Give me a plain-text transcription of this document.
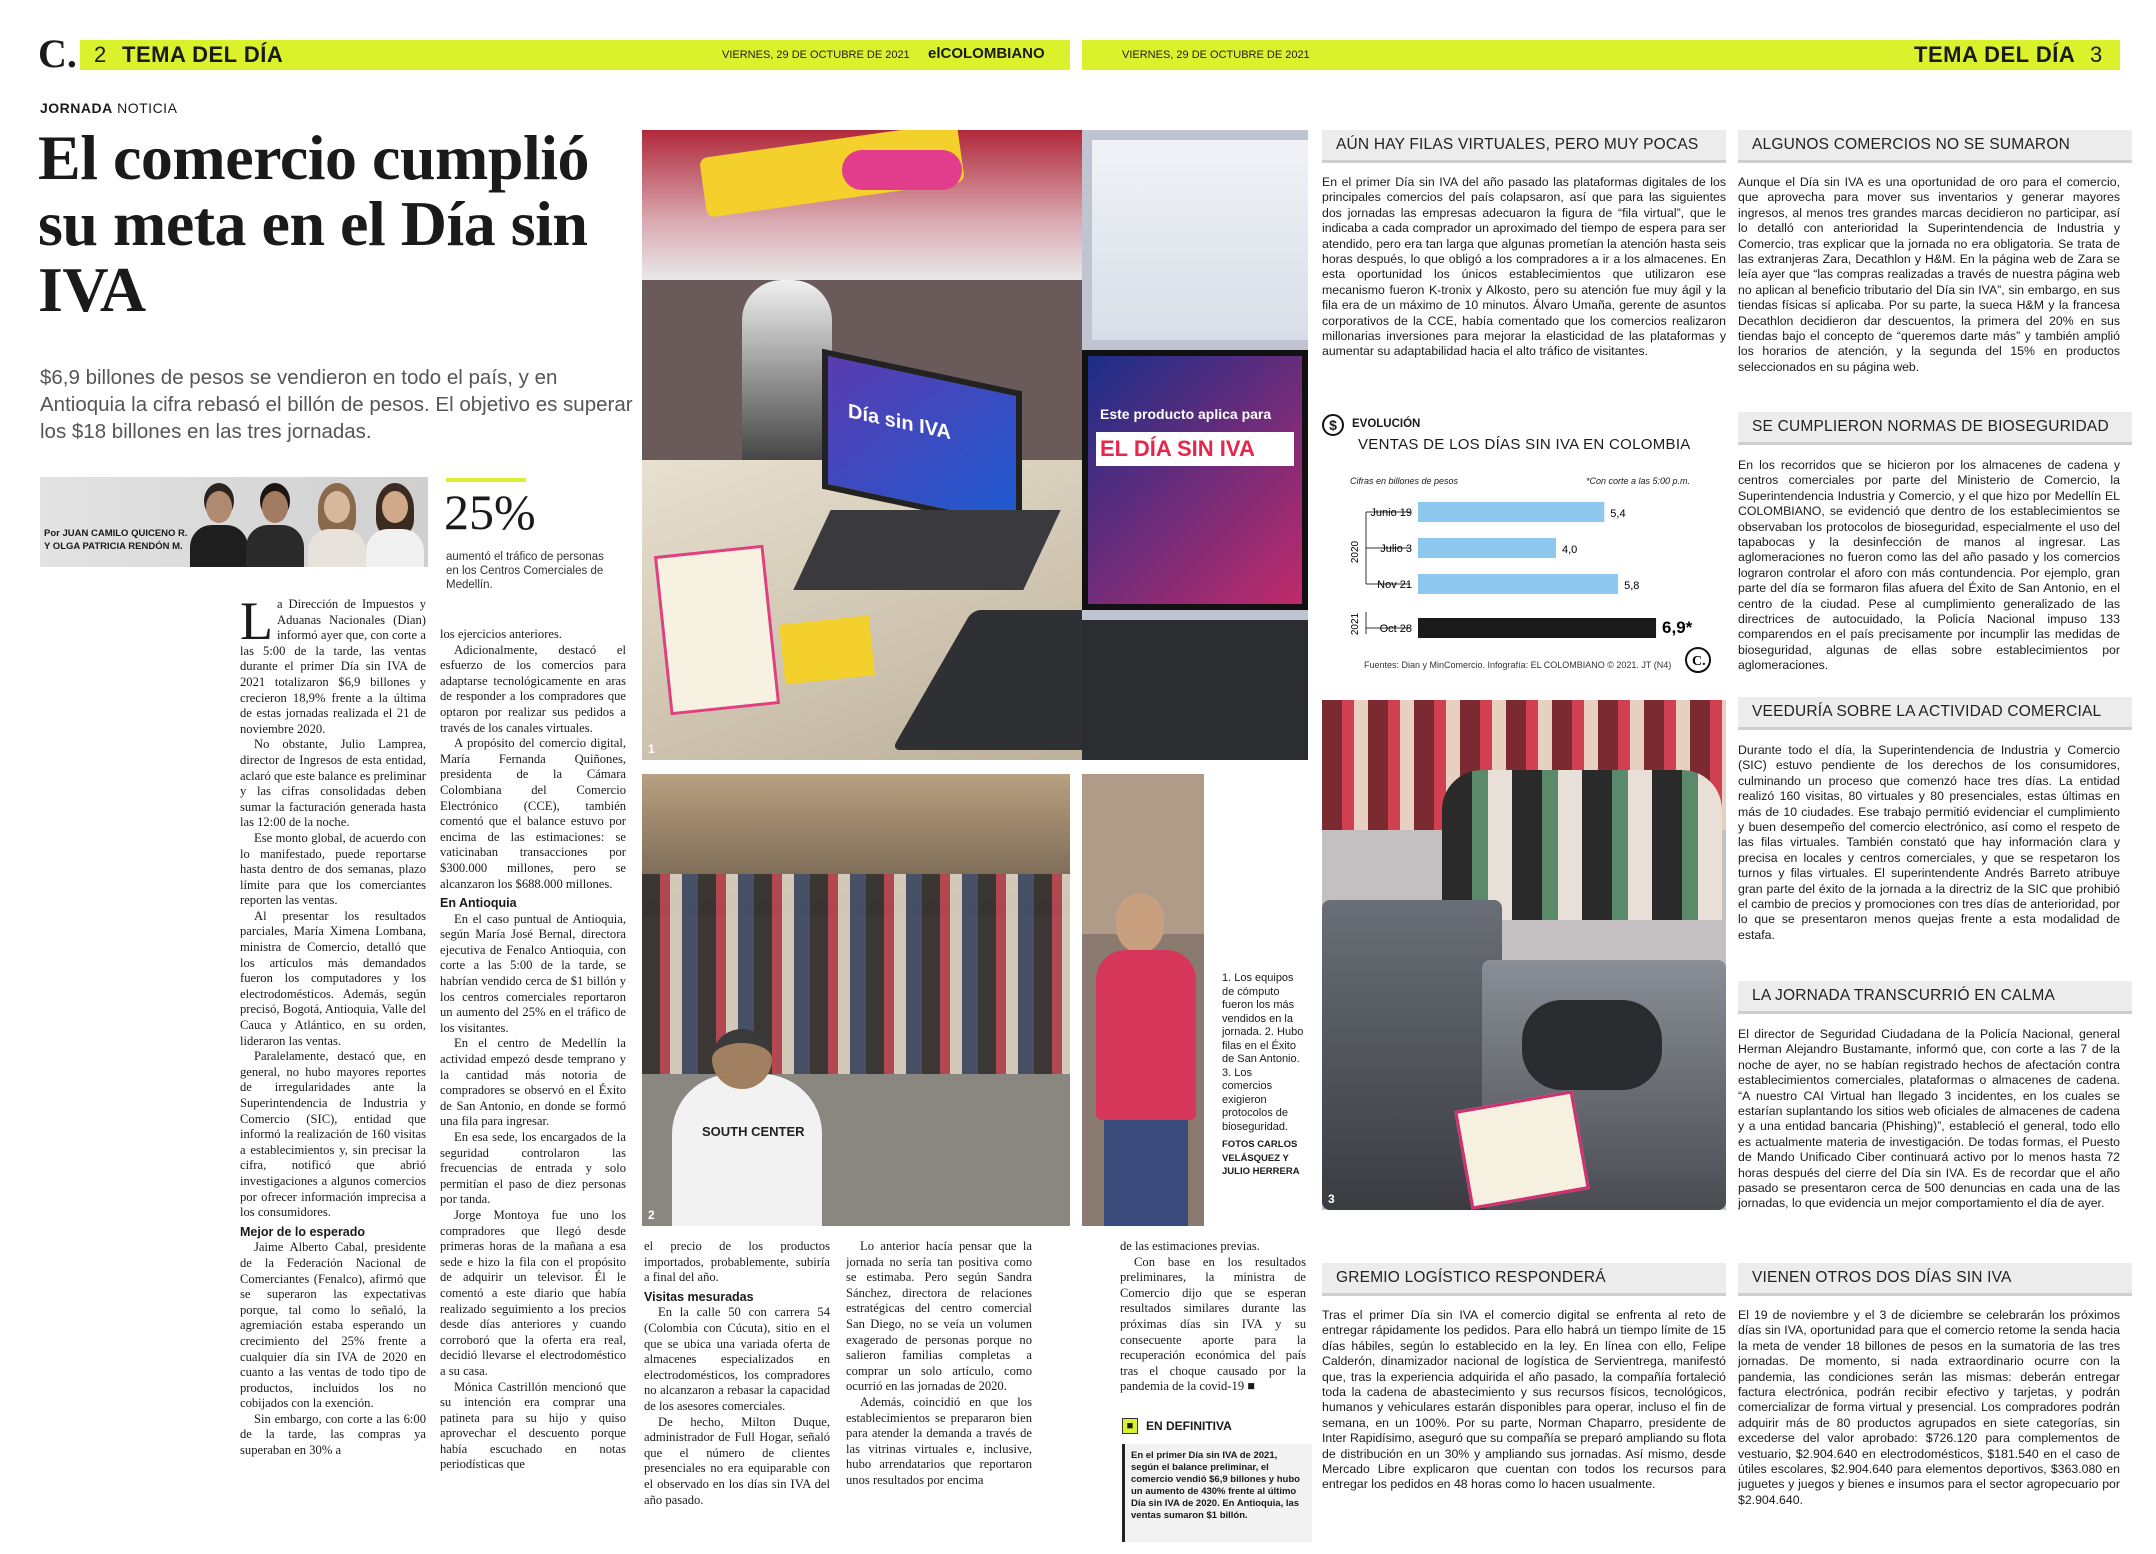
C. 2 TEMA DEL DÍA	VIERNES, 29 DE OCTUBRE DE 2021 elCOLOMBIANO	VIERNES, 29 DE OCTUBRE DE 2021	TEMA DEL DÍA 3
JORNADA NOTICIA
El comercio cumplió su meta en el Día sin IVA

$6,9 billones de pesos se vendieron en todo el país, y en Antioquia la cifra rebasó el billón de pesos. El objetivo es superar los $18 billones en las tres jornadas.

Por JUAN CAMILO QUICENO R.
Y OLGA PATRICIA RENDÓN M.
25%
aumentó el tráfico de personas en los Centros Comerciales de Medellín.

La Dirección de Impuestos y Aduanas Nacionales (Dian) informó ayer que, con corte a las 5:00 de la tarde, las ventas durante el primer Día sin IVA de 2021 totalizaron $6,9 billones y crecieron 18,9% frente a la última de estas jornadas realizada el 21 de noviembre 2020.

No obstante, Julio Lamprea, director de Ingresos de esta entidad, aclaró que este balance es preliminar y las cifras consolidadas deben sumar la facturación generada hasta las 12:00 de la noche.

Ese monto global, de acuerdo con lo manifestado, puede reportarse hasta dentro de dos semanas, plazo límite para que los comerciantes reporten las ventas.

Al presentar los resultados parciales, María Ximena Lombana, ministra de Comercio, detalló que los artículos más demandados fueron los computadores y los electrodomésticos. Además, según precisó, Bogotá, Antioquia, Valle del Cauca y Atlántico, en su orden, lideraron las ventas.

Paralelamente, destacó que, en general, no hubo mayores reportes de irregularidades ante la Superintendencia de Industria y Comercio (SIC), entidad que informó la realización de 160 visitas a establecimientos y, sin precisar la cifra, notificó que abrió investigaciones a algunos comercios por ofrecer información imprecisa a los consumidores.

Mejor de lo esperado

Jaime Alberto Cabal, presidente de la Federación Nacional de Comerciantes (Fenalco), afirmó que se superaron las expectativas porque, tal como lo señaló, la agremiación estaba esperando un crecimiento del 25% frente a cualquier día sin IVA de 2020 en cuanto a las ventas de todo tipo de productos, incluidos los no cobijados con la exención.

Sin embargo, con corte a las 6:00 de la tarde, las compras ya superaban en 30% a

los ejercicios anteriores.

Adicionalmente, destacó el esfuerzo de los comercios para adaptarse tecnológicamente en aras de responder a los compradores que optaron por realizar sus pedidos a través de los canales virtuales.

A propósito del comercio digital, María Fernanda Quiñones, presidenta de la Cámara Colombiana del Comercio Electrónico (CCE), también comentó que el balance estuvo por encima de las estimaciones: se vaticinaban transacciones por $300.000 millones, pero se alcanzaron los $688.000 millones.

En Antioquia

En el caso puntual de Antioquia, según María José Bernal, directora ejecutiva de Fenalco Antioquia, con corte a las 5:00 de la tarde, se habrían vendido cerca de $1 billón y los centros comerciales reportaron un aumento del 25% en el tráfico de los visitantes.

En el centro de Medellín la actividad empezó desde temprano y la cantidad más notoria de compradores se observó en el Éxito de San Antonio, en donde se formó una fila para ingresar.

En esa sede, los encargados de la seguridad controlaron las frecuencias de entrada y solo permitían el paso de diez personas por tanda.

Jorge Montoya fue uno los compradores que llegó desde primeras horas de la mañana a esa sede e hizo la fila con el propósito de adquirir un televisor. Él le comentó a este diario que había realizado seguimiento a los precios desde días anteriores y cuando corroboró que la oferta era real, decidió llevarse el electrodoméstico a su casa.

Mónica Castrillón mencionó que su intención era comprar una patineta para su hijo y quiso aprovechar el descuento porque había escuchado en notas periodísticas que

el precio de los productos importados, probablemente, subiría a final del año.

Visitas mesuradas

En la calle 50 con carrera 54 (Colombia con Cúcuta), sitio en el que se ubica una variada oferta de almacenes especializados en electrodomésticos, los compradores no alcanzaron a rebasar la capacidad de los asesores comerciales.

De hecho, Milton Duque, administrador de Full Hogar, señaló que el número de clientes presenciales no era equiparable con el observado en los días sin IVA del año pasado.

Lo anterior hacía pensar que la jornada no sería tan positiva como se estimaba. Pero según Sandra Sánchez, directora de relaciones estratégicas del centro comercial San Diego, no se veía un volumen exagerado de personas porque no salieron familias completas a comprar un solo artículo, como ocurrió en las jornadas de 2020.

Además, coincidió en que los establecimientos se prepararon bien para atender la demanda a través de las vitrinas virtuales e, inclusive, hubo arrendatarios que reportaron unos resultados por encima

de las estimaciones previas.

Con base en los resultados preliminares, la ministra de Comercio dijo que se esperan resultados similares durante las próximas días sin IVA y su consecuente aporte para la recuperación económica del país tras el choque causado por la pandemia de la covid-19 ■

■	EN DEFINITIVA
En el primer Día sin IVA de 2021, según el balance preliminar, el comercio vendió $6,9 billones y hubo un aumento de 430% frente al último Día sin IVA de 2020. En Antioquia, las ventas sumaron $1 billón.
Día sin IVA
1
Este producto aplica para
EL DÍA SIN IVA
SOUTH CENTER
2
1. Los equipos de cómputo fueron los más vendidos en la jornada. 2. Hubo filas en el Éxito de San Antonio. 3. Los comercios exigieron protocolos de bioseguridad.
FOTOS CARLOS VELÁSQUEZ Y JULIO HERRERA
3
AÚN HAY FILAS VIRTUALES, PERO MUY POCAS
En el primer Día sin IVA del año pasado las plataformas digitales de los principales comercios del país colapsaron, así que para las siguientes dos jornadas las empresas adecuaron la figura de “fila virtual”, que le indicaba a cada comprador un aproximado del tiempo de espera para ser atendido, pero era tan larga que algunas prometían la atención hasta seis horas después, lo que obligó a los compradores a ir a los almacenes. En esta oportunidad los únicos establecimientos que utilizaron ese mecanismo fueron K-tronix y Alkosto, pero su atención fue muy ágil y la fila era de un máximo de 10 minutos. Álvaro Umaña, gerente de asuntos corporativos de la CCE, había comentado que los comercios realizaron millonarias inversiones para mejorar la elasticidad de las plataformas y aumentar su adaptabilidad hacia el alto tráfico de visitantes.
ALGUNOS COMERCIOS NO SE SUMARON
Aunque el Día sin IVA es una oportunidad de oro para el comercio, que aprovecha para mover sus inventarios y generar mayores ingresos, al menos tres grandes marcas decidieron no participar, así lo detalló con anterioridad la Superintendencia de Industria y Comercio, tras explicar que la jornada no era obligatoria. Se trata de las extranjeras Zara, Decathlon y H&M. En la página web de Zara se leía ayer que “las compras realizadas a través de nuestra página web no aplican al beneficio tributario del Día sin IVA”, sin embargo, en sus tiendas físicas sí aplicaba. Por su parte, la sueca H&M y la francesa Decathlon decidieron dar descuentos, la primera del 20% en sus tiendas bajo el concepto de “queremos darte más” y también amplió los horarios de atención, y la segunda del 15% en productos seleccionados en su página web.
$	EVOLUCIÓN
VENTAS DE LOS DÍAS SIN IVA EN COLOMBIA
Cifras en billones de pesos	*Con corte a las 5:00 p.m.
2020
2021
Junio 19	5,4
Julio 3	4,0
Nov 21	5,8
Oct 28	6,9*
C.
Fuentes: Dian y MinComercio. Infografía: EL COLOMBIANO © 2021. JT (N4)
SE CUMPLIERON NORMAS DE BIOSEGURIDAD
En los recorridos que se hicieron por los almacenes de cadena y centros comerciales por parte del Ministerio de Comercio, la Superintendencia Industria y Comercio, y el que hizo por Medellín EL COLOMBIANO, se evidenció que dentro de los establecimientos se observaban los protocolos de bioseguridad, especialmente el uso del tapabocas y la desinfección de manos al ingresar. Las aglomeraciones no fueron como las del año pasado y los comercios lograron controlar el aforo con más contundencia. Por ejemplo, gran parte del día se formaron filas afuera del Éxito de San Antonio, en el centro de la ciudad. Pese al cumplimiento generalizado de las directrices de autocuidado, la Policía Nacional impuso 133 comparendos en el país precisamente por incumplir las medidas de bioseguridad, algunas de ellas sobre establecimientos por aglomeraciones.
VEEDURÍA SOBRE LA ACTIVIDAD COMERCIAL
Durante todo el día, la Superintendencia de Industria y Comercio (SIC) estuvo pendiente de los derechos de los consumidores, culminando un proceso que comenzó hace tres días. La entidad realizó 160 visitas, 80 virtuales y 80 presenciales, estas últimas en más de 10 ciudades. Ese trabajo permitió evidenciar el cumplimiento y buen desempeño del comercio electrónico, así como el respeto de las filas virtuales. También constató que hay información clara y precisa en locales y centros comerciales, y que se respetaron los turnos y filas virtuales. El superintendente Andrés Barreto atribuye gran parte del éxito de la jornada a la directriz de la SIC que prohibió el cambio de precios y promociones con tres días de anterioridad, por lo que se presentaron menos quejas frente a esta modalidad de estafa.
LA JORNADA TRANSCURRIÓ EN CALMA
El director de Seguridad Ciudadana de la Policía Nacional, general Herman Alejandro Bustamante, informó que, con corte a las 7 de la noche de ayer, no se habían registrado hechos de afectación contra establecimientos comerciales, plataformas o almacenes de cadena. “A nuestro CAI Virtual han llegado 3 incidentes, en los cuales se estarían suplantando los sitios web oficiales de almacenes de cadena y a una entidad bancaria (Phishing)”, estableció el general, todo ello es actualmente materia de investigación. De todas formas, el Puesto de Mando Unificado Ciber continuará activo por lo menos hasta 72 horas después del cierre del Día sin IVA. Es de recordar que el año pasado se presentaron cerca de 500 denuncias en cada una de las jornadas, lo que evidencia un mejor comportamiento el día de ayer.
GREMIO LOGÍSTICO RESPONDERÁ
Tras el primer Día sin IVA el comercio digital se enfrenta al reto de entregar rápidamente los pedidos. Para ello habrá un tiempo límite de 15 días hábiles, según lo establecido en la ley. En línea con ello, Felipe Calderón, dinamizador nacional de logística de Servientrega, manifestó que, tras la experiencia adquirida el año pasado, la compañía fortaleció toda la cadena de abastecimiento y sus recursos físicos, tecnológicos, humanos y vehiculares estarán disponibles para operar, incluso el fin de semana, en un 100%. Por su parte, Norman Chaparro, presidente de Inter Rapidísimo, aseguró que su compañía se preparó ampliando su flota de distribución en un 30% y ampliando sus jornadas. Así mismo, desde Mercado Libre explicaron que cuentan con todos los recursos para entregar los pedidos en 48 horas como lo hacen usualmente.
VIENEN OTROS DOS DÍAS SIN IVA
El 19 de noviembre y el 3 de diciembre se celebrarán los próximos días sin IVA, oportunidad para que el comercio retome la senda hacia la meta de vender 18 billones de pesos en la sumatoria de las tres jornadas. De momento, si nada extraordinario ocurre con la pandemia, las condiciones serán las mismas: deberán entregar factura electrónica, podrán recibir efectivo y tarjetas, y podrán comercializar de forma virtual y presencial. Los compradores podrán adquirir más de 80 productos agrupados en siete categorías, sin excederse del valor aprobado: $726.120 para complementos de vestuario, $2.904.640 en electrodomésticos, $181.540 en el caso de útiles escolares, $2.904.640 para elementos deportivos, $363.080 en juguetes y juegos y bienes e insumos para el sector agropecuario por $2.904.640.
